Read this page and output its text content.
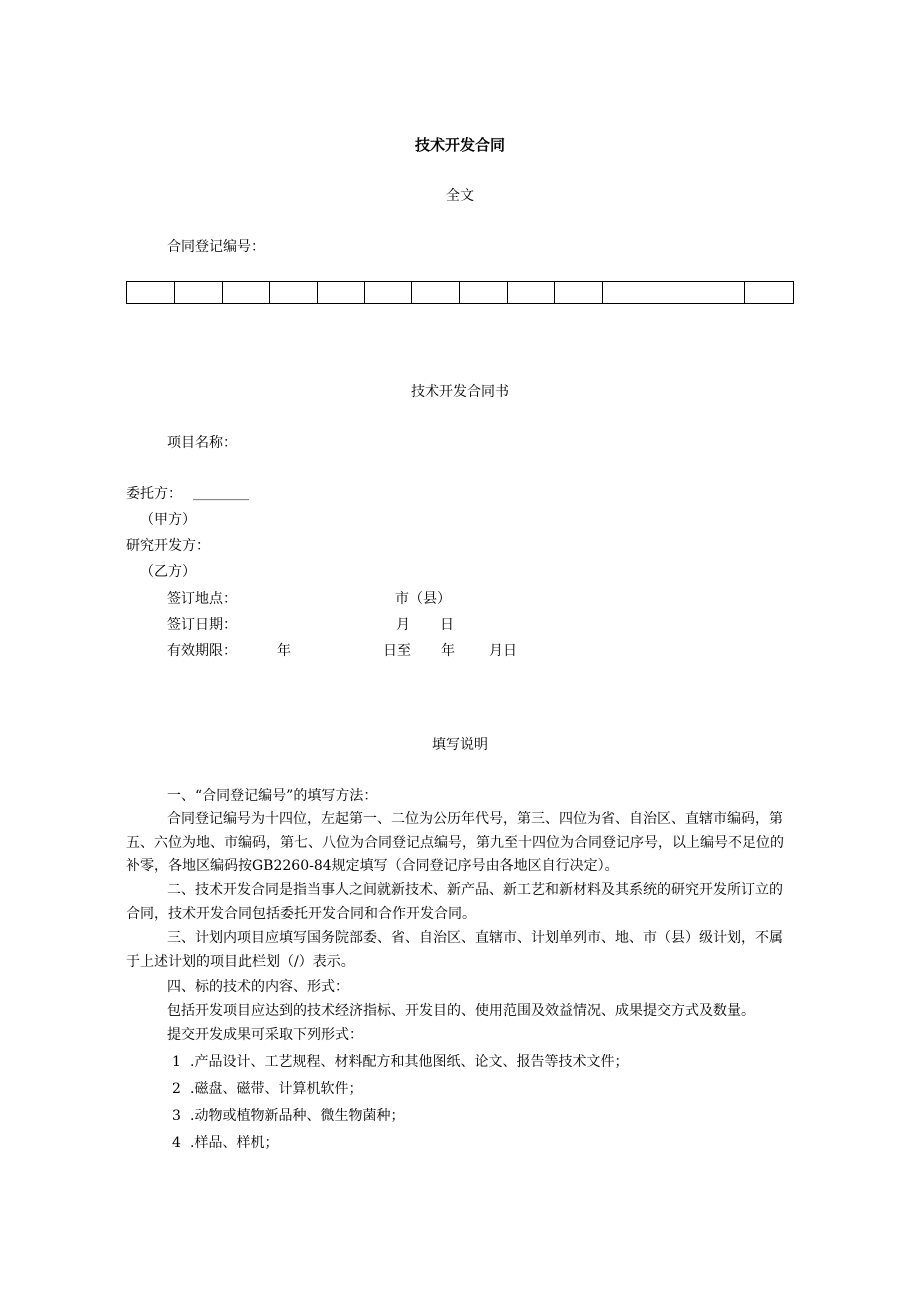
技术开发合同
全文
合同登记编号：

技术开发合同书
项目名称：
委托方： ________
（甲方）
研究开发方：
（乙方）
签订地点：	市（县）
签订日期：	月 日
有效期限：	年	日至 年 月日
填写说明
一、“合同登记编号”的填写方法：
合同登记编号为十四位，左起第一、二位为公历年代号，第三、四位为省、自治区、直辖市编码，第五、六位为地、市编码，第七、八位为合同登记点编号，第九至十四位为合同登记序号，以上编号不足位的补零，各地区编码按GB2260-84规定填写（合同登记序号由各地区自行决定）。
二、技术开发合同是指当事人之间就新技术、新产品、新工艺和新材料及其系统的研究开发所订立的合同，技术开发合同包括委托开发合同和合作开发合同。
三、计划内项目应填写国务院部委、省、自治区、直辖市、计划单列市、地、市（县）级计划，不属于上述计划的项目此栏划（/）表示。
四、标的技术的内容、形式：
包括开发项目应达到的技术经济指标、开发目的、使用范围及效益情况、成果提交方式及数量。
提交开发成果可采取下列形式：
1 .产品设计、工艺规程、材料配方和其他图纸、论文、报告等技术文件；
2 .磁盘、磁带、计算机软件；
3 .动物或植物新品种、微生物菌种；
4 .样品、样机；
